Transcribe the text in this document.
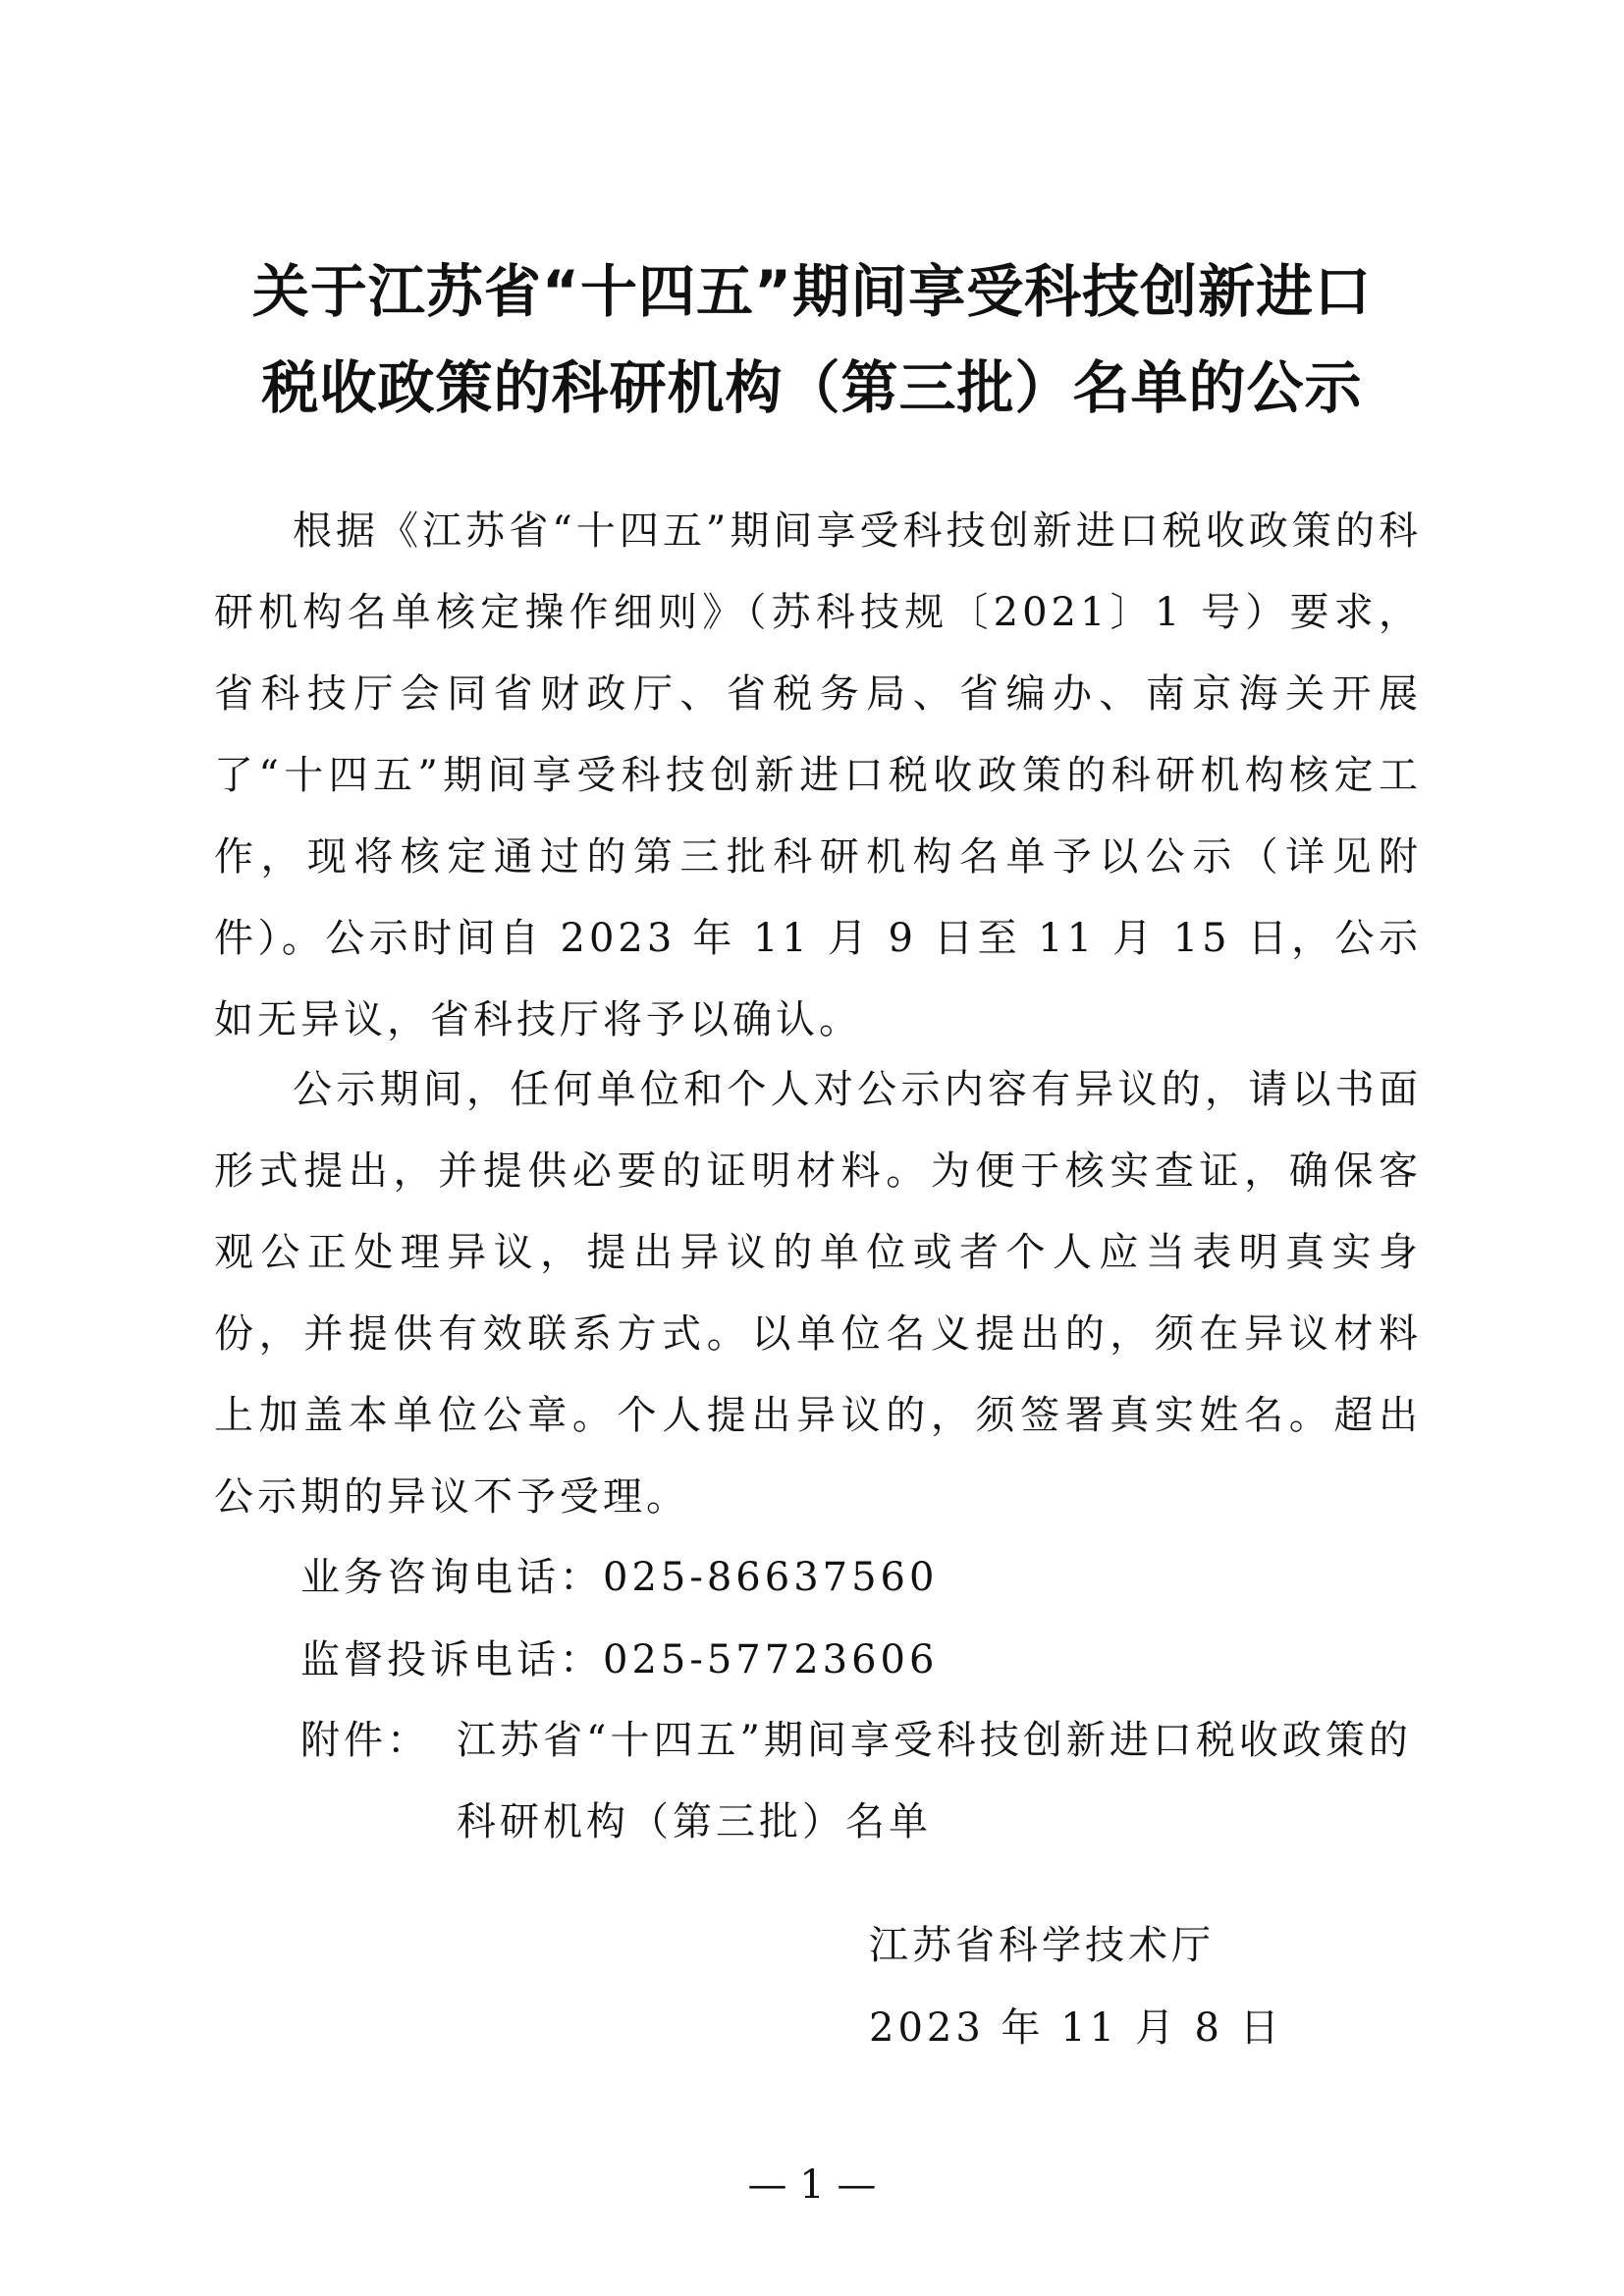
关于江苏省“十四五”期间享受科技创新进口
税收政策的科研机构（第三批）名单的公示

根据《江苏省“十四五”期间享受科技创新进口税收政策的科研机构名单核定操作细则》（苏科技规〔2021〕1 号）要求，省科技厅会同省财政厅、省税务局、省编办、南京海关开展了“十四五”期间享受科技创新进口税收政策的科研机构核定工作，现将核定通过的第三批科研机构名单予以公示（详见附件）。公示时间自 2023 年 11 月 9 日至 11 月 15 日，公示如无异议，省科技厅将予以确认。

公示期间，任何单位和个人对公示内容有异议的，请以书面形式提出，并提供必要的证明材料。为便于核实查证，确保客观公正处理异议，提出异议的单位或者个人应当表明真实身份，并提供有效联系方式。以单位名义提出的，须在异议材料上加盖本单位公章。个人提出异议的，须签署真实姓名。超出公示期的异议不予受理。

业务咨询电话：025-86637560
监督投诉电话：025-57723606
附件： 江苏省“十四五”期间享受科技创新进口税收政策的科研机构（第三批）名单
江苏省科学技术厅
2023 年 11 月 8 日
— 1 —
